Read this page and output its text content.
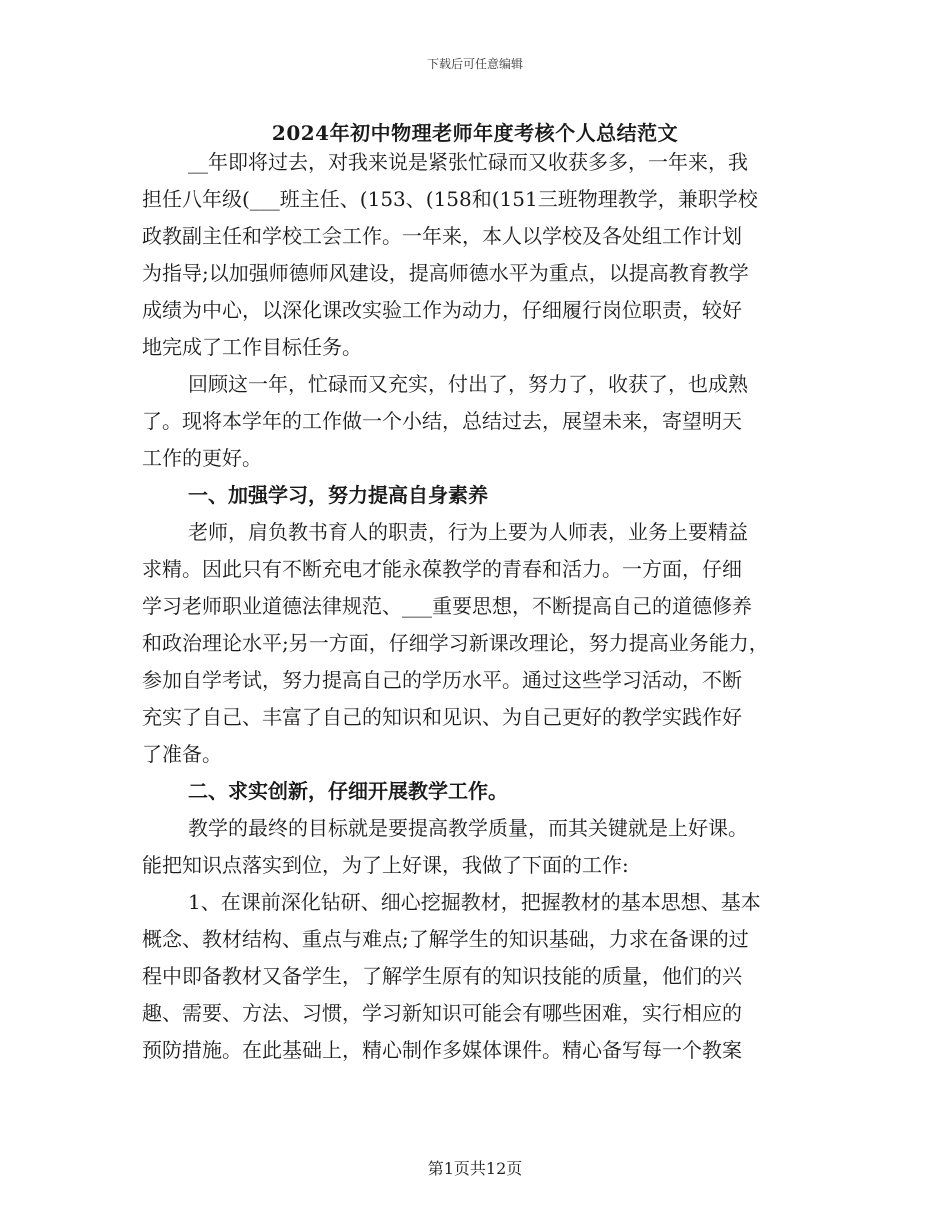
下载后可任意编辑
2024年初中物理老师年度考核个人总结范文

__年即将过去，对我来说是紧张忙碌而又收获多多，一年来，我

担任八年级(___班主任、(153、(158和(151三班物理教学，兼职学校

政教副主任和学校工会工作。一年来，本人以学校及各处组工作计划

为指导;以加强师德师风建设，提高师德水平为重点，以提高教育教学

成绩为中心，以深化课改实验工作为动力，仔细履行岗位职责，较好

地完成了工作目标任务。

回顾这一年，忙碌而又充实，付出了，努力了，收获了，也成熟

了。现将本学年的工作做一个小结，总结过去，展望未来，寄望明天

工作的更好。

一、加强学习，努力提高自身素养

老师，肩负教书育人的职责，行为上要为人师表，业务上要精益

求精。因此只有不断充电才能永葆教学的青春和活力。一方面，仔细

学习老师职业道德法律规范、___重要思想，不断提高自己的道德修养

和政治理论水平;另一方面，仔细学习新课改理论，努力提高业务能力，

参加自学考试，努力提高自己的学历水平。通过这些学习活动，不断

充实了自己、丰富了自己的知识和见识、为自己更好的教学实践作好

了准备。

二、求实创新，仔细开展教学工作。

教学的最终的目标就是要提高教学质量，而其关键就是上好课。

能把知识点落实到位，为了上好课，我做了下面的工作:

1、在课前深化钻研、细心挖掘教材，把握教材的基本思想、基本

概念、教材结构、重点与难点;了解学生的知识基础，力求在备课的过

程中即备教材又备学生，了解学生原有的知识技能的质量，他们的兴

趣、需要、方法、习惯，学习新知识可能会有哪些困难，实行相应的

预防措施。在此基础上，精心制作多媒体课件。精心备写每一个教案

第1页共12页
